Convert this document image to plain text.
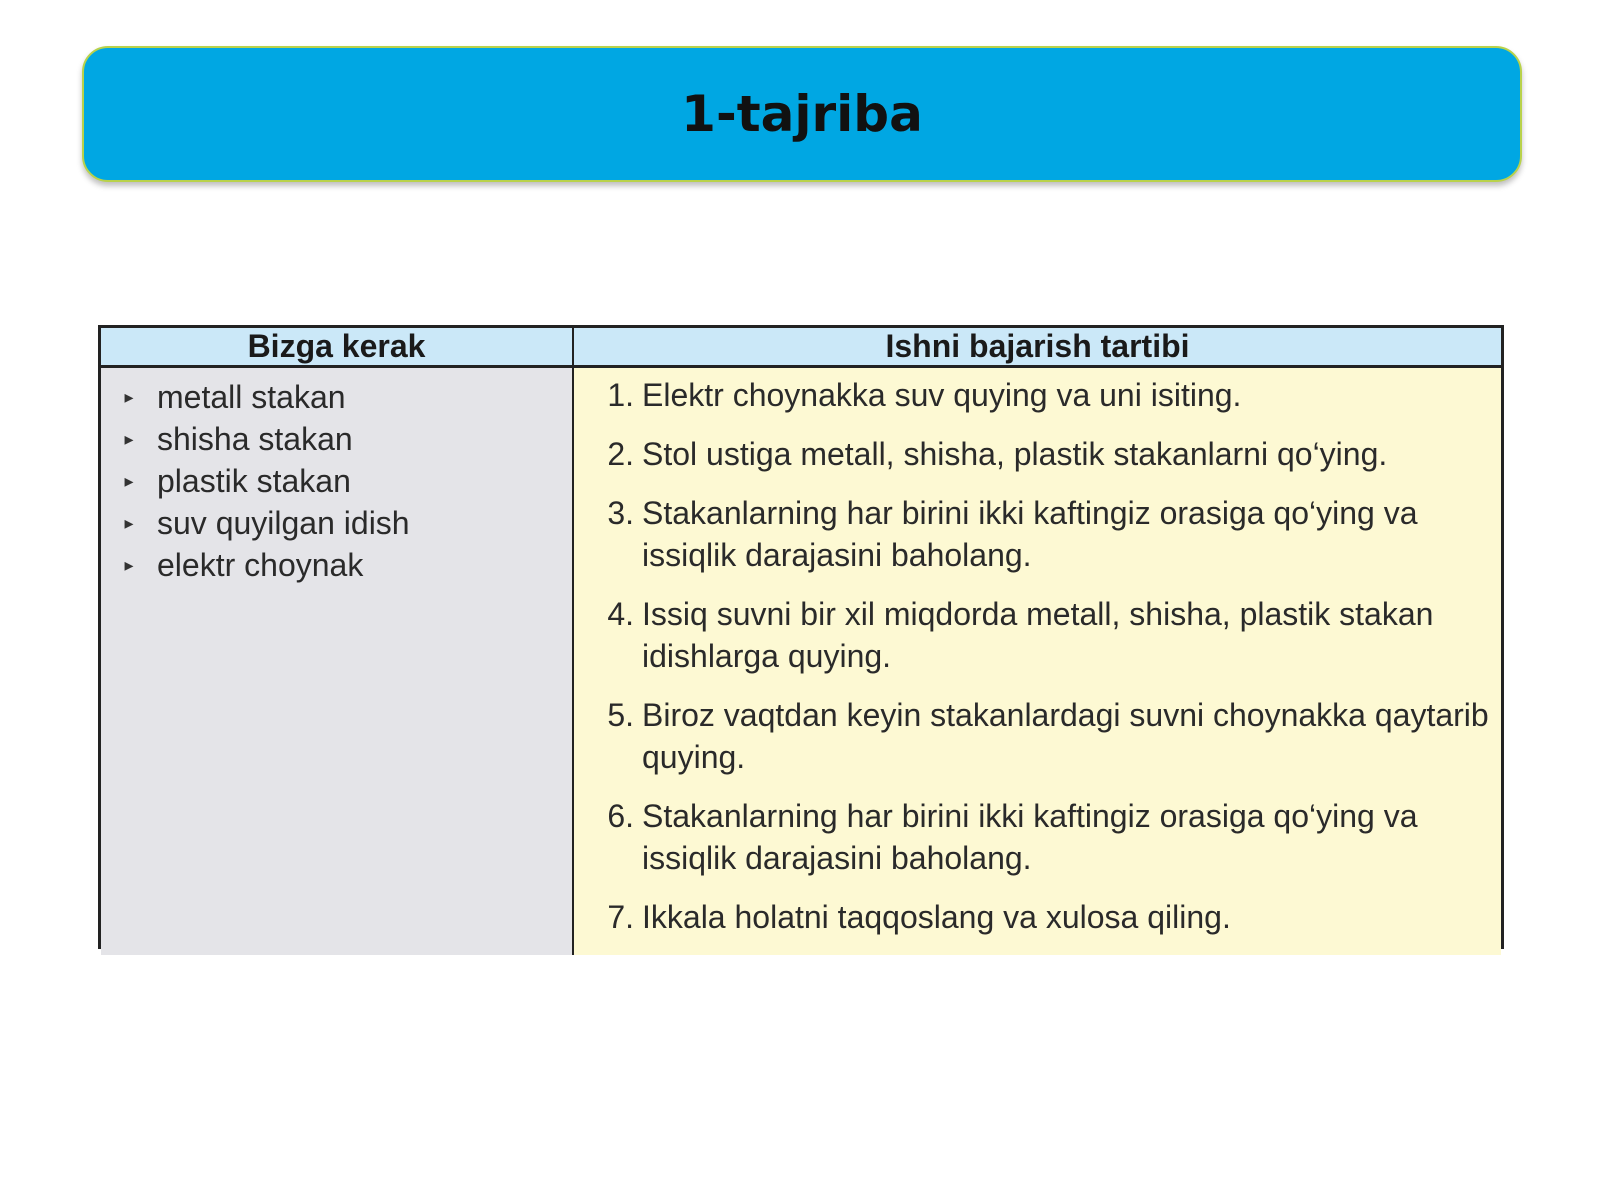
1-tajriba
Bizga kerak	Ishni bajarish tartibi
▸ metall stakan
▸ shisha stakan
▸ plastik stakan
▸ suv quyilgan idish
▸ elektr choynak
1. Elektr choynakka suv quying va uni isiting.
2. Stol ustiga metall, shisha, plastik stakanlarni qo‘ying.
3. Stakanlarning har birini ikki kaftingiz orasiga qo‘ying va issiqlik darajasini baholang.
4. Issiq suvni bir xil miqdorda metall, shisha, plastik stakan idishlarga quying.
5. Biroz vaqtdan keyin stakanlardagi suvni choynakka qaytarib quying.
6. Stakanlarning har birini ikki kaftingiz orasiga qo‘ying va issiqlik darajasini baholang.
7. Ikkala holatni taqqoslang va xulosa qiling.
